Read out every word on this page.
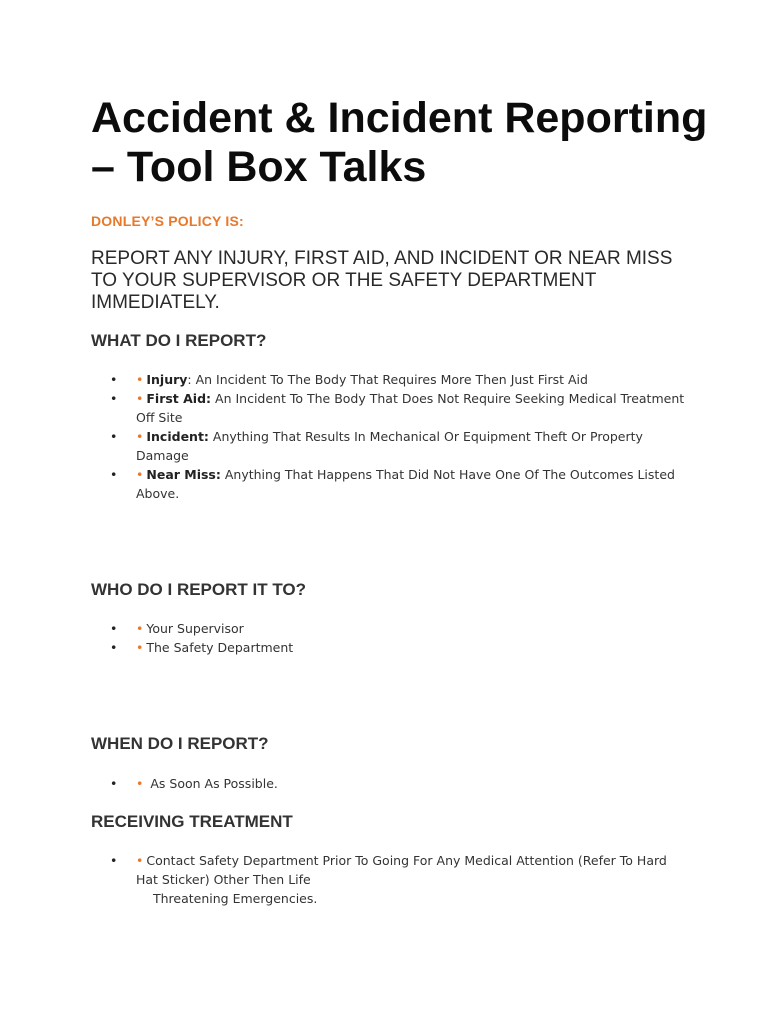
Accident & Incident Reporting – Tool Box Talks

DONLEY’S POLICY IS:

REPORT ANY INJURY, FIRST AID, AND INCIDENT OR NEAR MISS TO YOUR SUPERVISOR OR THE SAFETY DEPARTMENT IMMEDIATELY.

WHAT DO I REPORT?
• • Injury: An Incident To The Body That Requires More Then Just First Aid
• • First Aid: An Incident To The Body That Does Not Require Seeking Medical Treatment Off Site
• • Incident: Anything That Results In Mechanical Or Equipment Theft Or Property Damage
• • Near Miss: Anything That Happens That Did Not Have One Of The Outcomes Listed Above.
WHO DO I REPORT IT TO?
• • Your Supervisor
• • The Safety Department
WHEN DO I REPORT?
• • As Soon As Possible.
RECEIVING TREATMENT
• • Contact Safety Department Prior To Going For Any Medical Attention (Refer To Hard Hat Sticker) Other Then Life
Threatening Emergencies.
